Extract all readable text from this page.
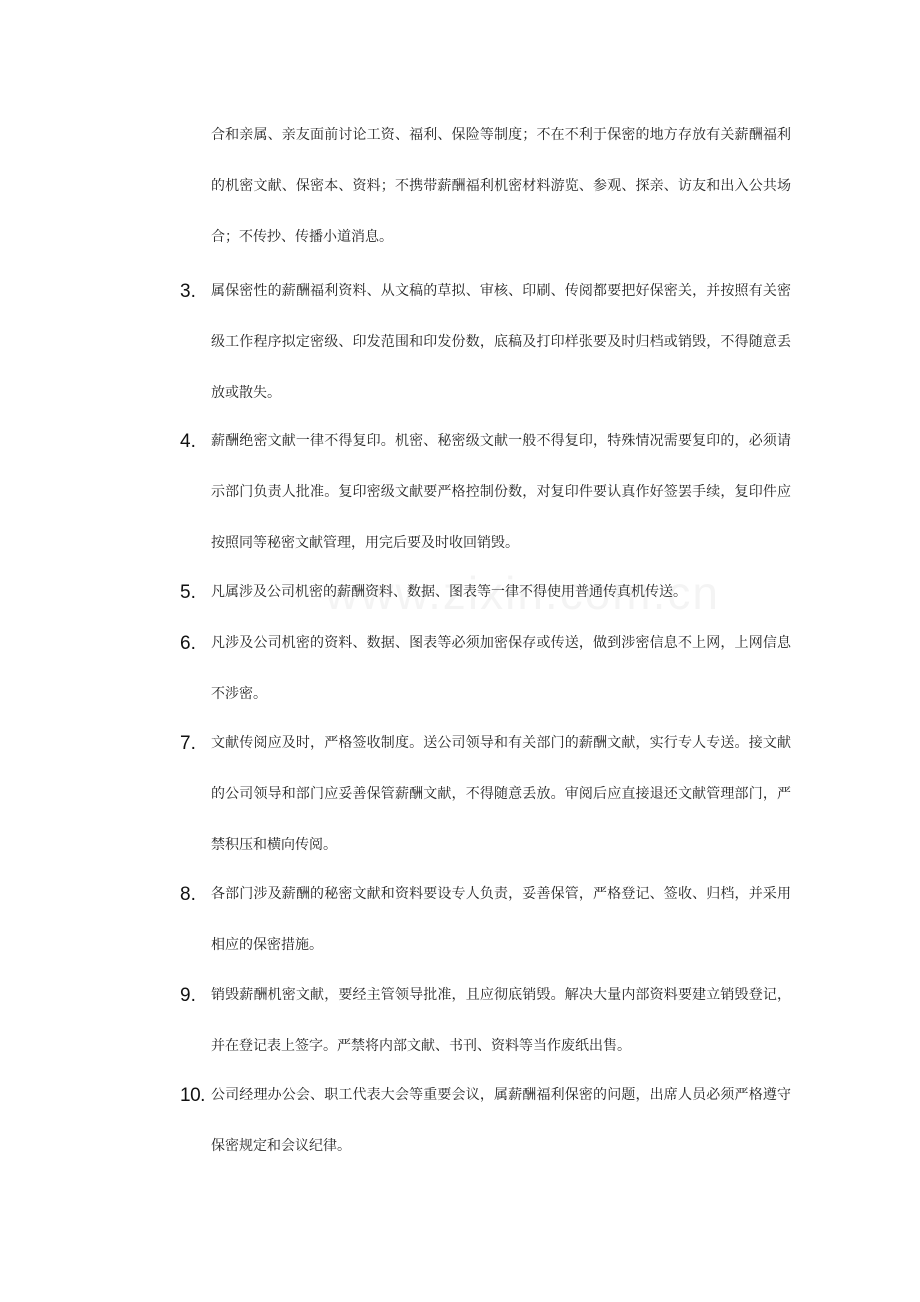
合和亲属、亲友面前讨论工资、福利、保险等制度；不在不利于保密的地方存放有关薪酬福利的机密文献、保密本、资料；不携带薪酬福利机密材料游览、参观、探亲、访友和出入公共场合；不传抄、传播小道消息。

3.	属保密性的薪酬福利资料、从文稿的草拟、审核、印刷、传阅都要把好保密关，并按照有关密级工作程序拟定密级、印发范围和印发份数，底稿及打印样张要及时归档或销毁，不得随意丢放或散失。

4.	薪酬绝密文献一律不得复印。机密、秘密级文献一般不得复印，特殊情况需要复印的，必须请示部门负责人批准。复印密级文献要严格控制份数，对复印件要认真作好签罢手续，复印件应按照同等秘密文献管理，用完后要及时收回销毁。

5.	凡属涉及公司机密的薪酬资料、数据、图表等一律不得使用普通传真机传送。

6.	凡涉及公司机密的资料、数据、图表等必须加密保存或传送，做到涉密信息不上网，上网信息不涉密。

7.	文献传阅应及时，严格签收制度。送公司领导和有关部门的薪酬文献，实行专人专送。接文献的公司领导和部门应妥善保管薪酬文献，不得随意丢放。审阅后应直接退还文献管理部门，严禁积压和横向传阅。

8.	各部门涉及薪酬的秘密文献和资料要设专人负责，妥善保管，严格登记、签收、归档，并采用相应的保密措施。

9.	销毁薪酬机密文献，要经主管领导批准，且应彻底销毁。解决大量内部资料要建立销毁登记，并在登记表上签字。严禁将内部文献、书刊、资料等当作废纸出售。

10. 公司经理办公会、职工代表大会等重要会议，属薪酬福利保密的问题，出席人员必须严格遵守保密规定和会议纪律。
